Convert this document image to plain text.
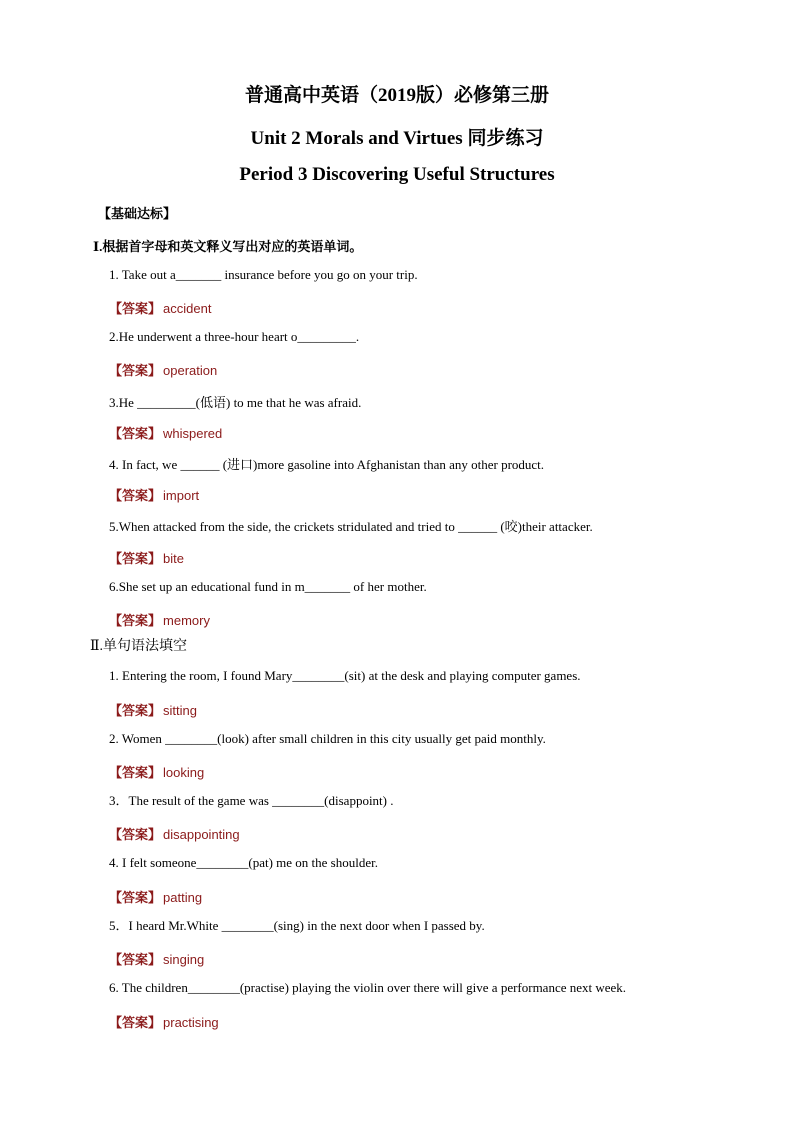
普通高中英语（2019版）必修第三册
Unit 2 Morals and Virtues 同步练习
Period 3 Discovering Useful Structures
【基础达标】
Ⅰ.根据首字母和英文释义写出对应的英语单词。
1. Take out a_______ insurance before you go on your trip.
【答案】 accident
2.He underwent a three-hour heart o_________.
【答案】 operation
3.He _________(低语) to me that he was afraid.
【答案】 whispered
4. In fact, we ______ (进口)more gasoline into Afghanistan than any other product.
【答案】 import
5.When attacked from the side, the crickets stridulated and tried to ______ (咬)their attacker.
【答案】 bite
6.She set up an educational fund in m_______ of her mother.
【答案】 memory
Ⅱ.单句语法填空
1. Entering the room, I found Mary________(sit) at the desk and playing computer games.
【答案】 sitting
2. Women ________(look) after small children in this city usually get paid monthly.
【答案】 looking
3．The result of the game was ________(disappoint) .
【答案】 disappointing
4. I felt someone________(pat) me on the shoulder.
【答案】 patting
5．I heard Mr.White ________(sing) in the next door when I passed by.
【答案】 singing
6. The children________(practise) playing the violin over there will give a performance next week.
【答案】 practising
